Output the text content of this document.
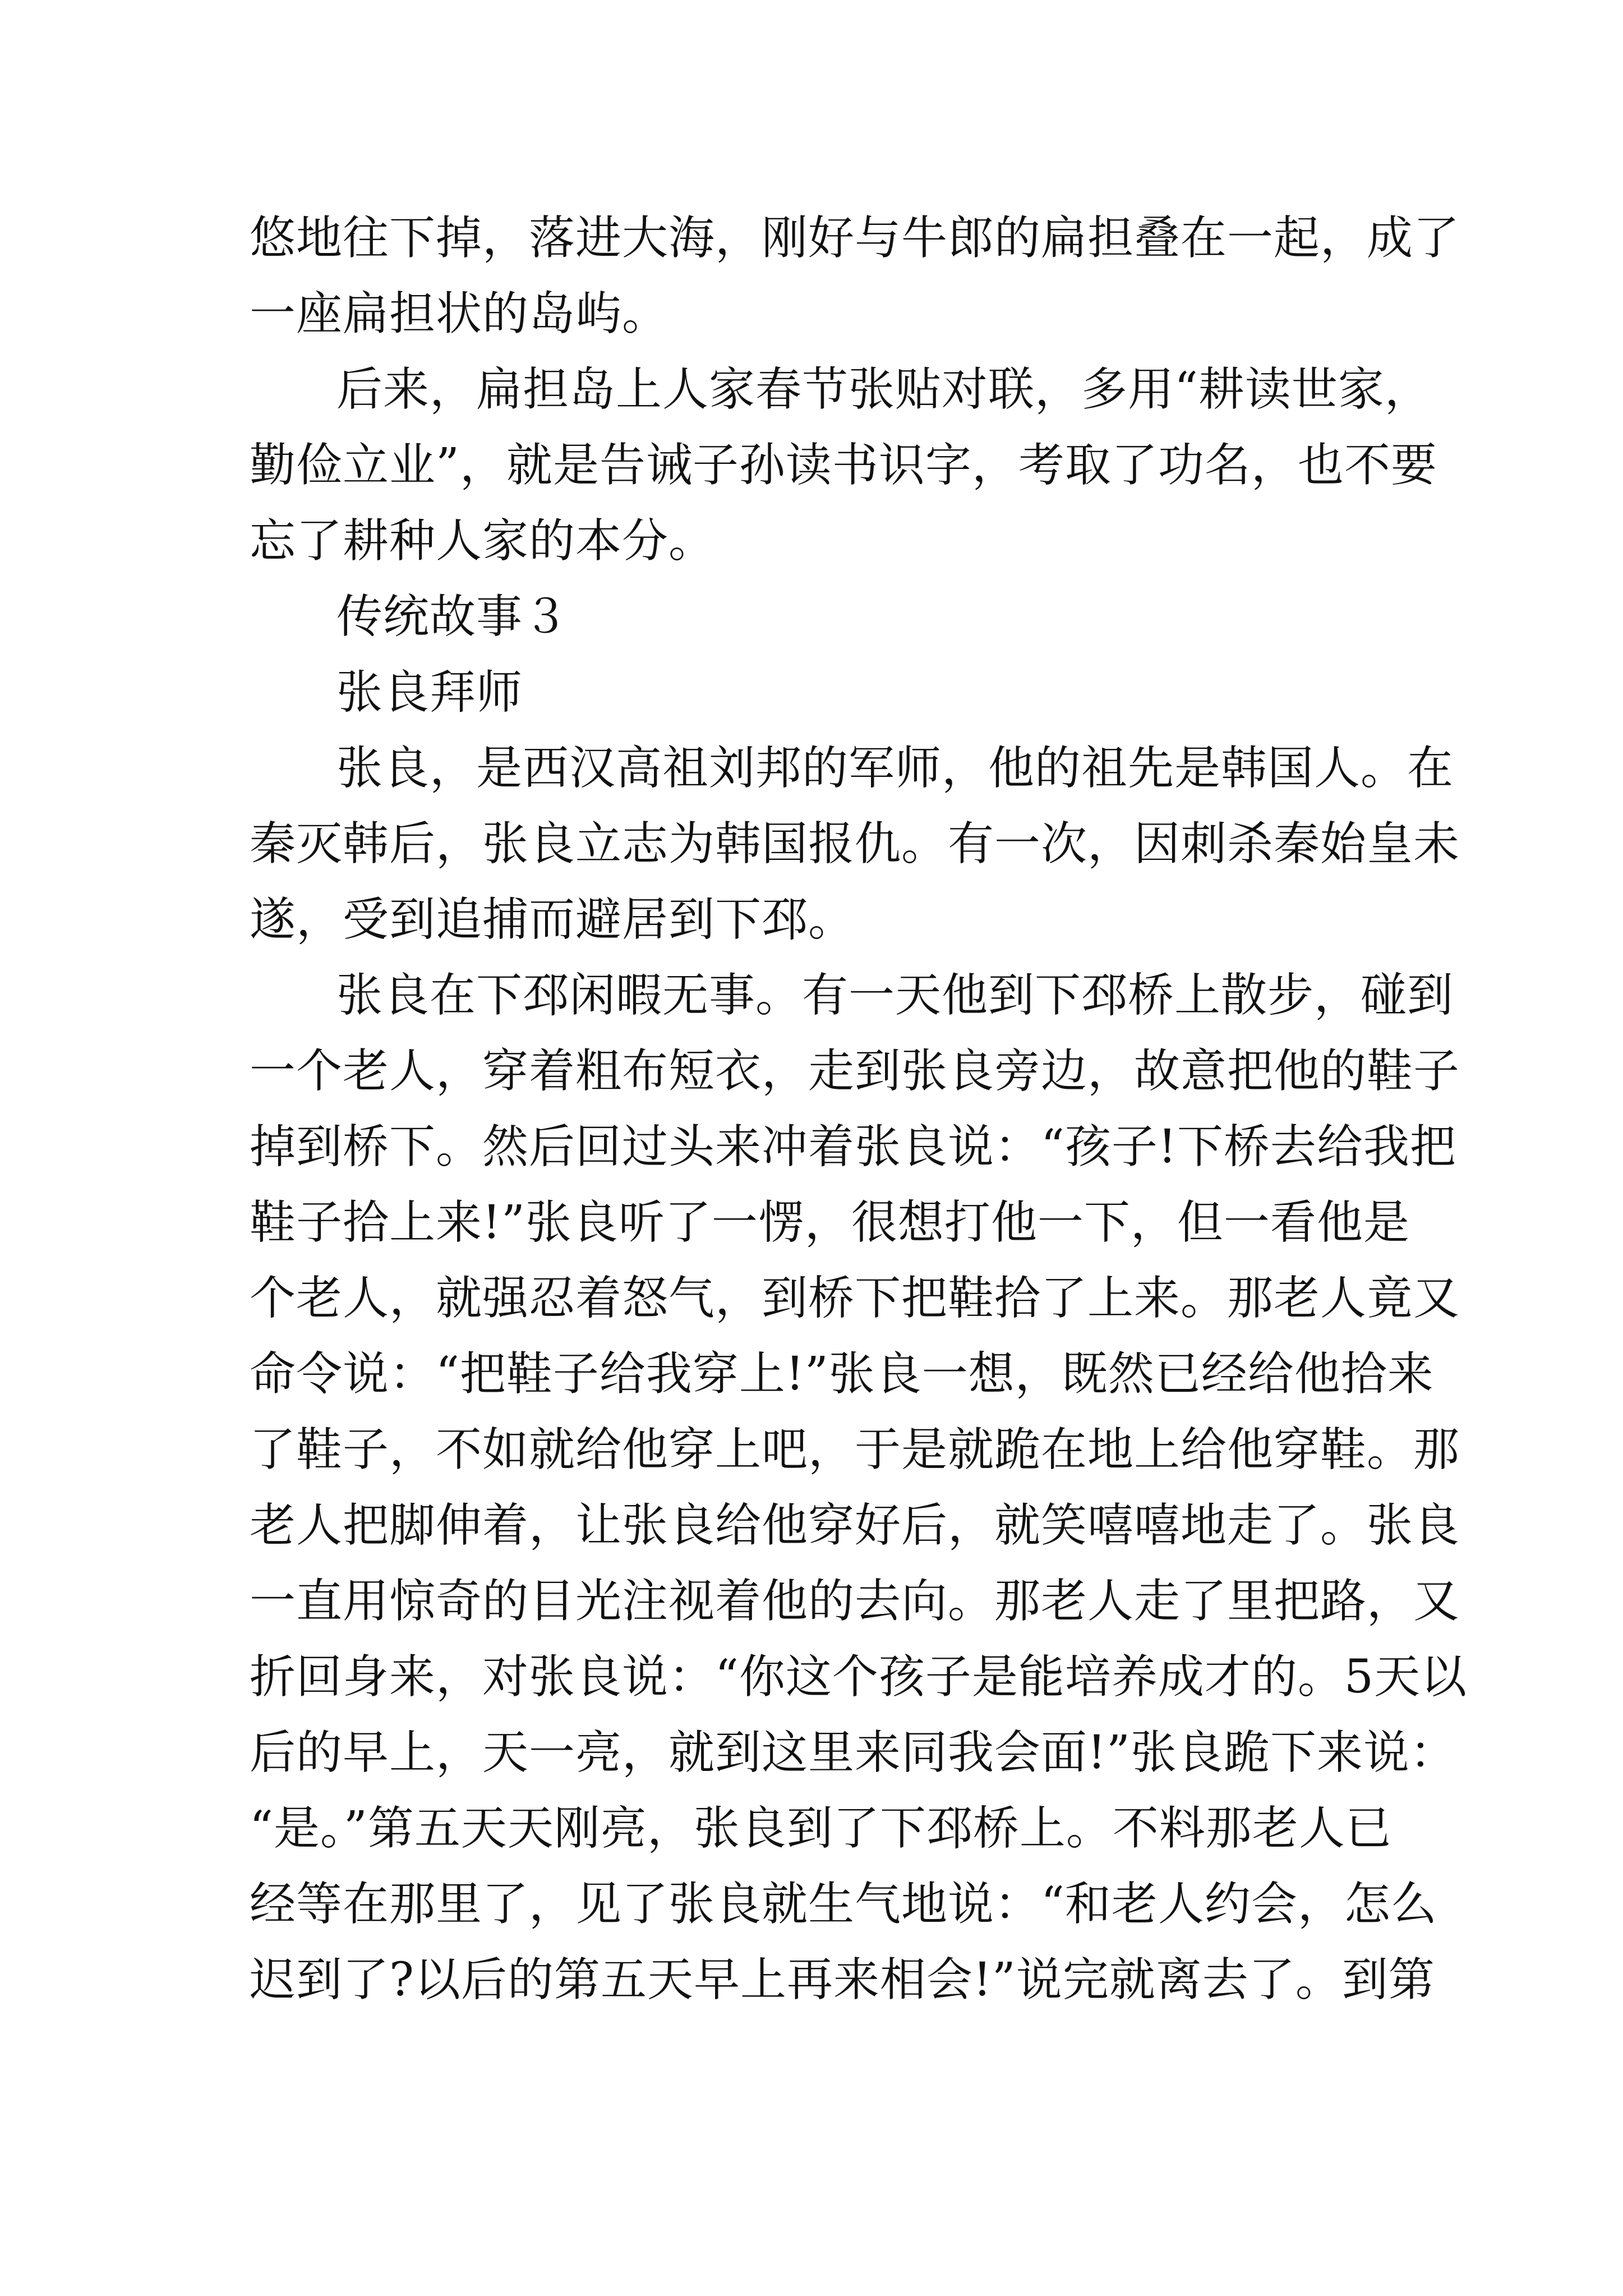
悠地往下掉，落进大海，刚好与牛郎的扁担叠在一起，成了
一座扁担状的岛屿。
后来，扁担岛上人家春节张贴对联，多用“耕读世家，
勤俭立业”，就是告诫子孙读书识字，考取了功名，也不要
忘了耕种人家的本分。
传统故事３
张良拜师
张良，是西汉高祖刘邦的军师，他的祖先是韩国人。在
秦灭韩后，张良立志为韩国报仇。有一次，因刺杀秦始皇未
遂，受到追捕而避居到下邳。
张良在下邳闲暇无事。有一天他到下邳桥上散步，碰到
一个老人，穿着粗布短衣，走到张良旁边，故意把他的鞋子
掉到桥下。然后回过头来冲着张良说：“孩子!下桥去给我把
鞋子拾上来!”张良听了一愣，很想打他一下，但一看他是
个老人，就强忍着怒气，到桥下把鞋拾了上来。那老人竟又
命令说：“把鞋子给我穿上!”张良一想，既然已经给他拾来
了鞋子，不如就给他穿上吧，于是就跪在地上给他穿鞋。那
老人把脚伸着，让张良给他穿好后，就笑嘻嘻地走了。张良
一直用惊奇的目光注视着他的去向。那老人走了里把路，又
折回身来，对张良说：“你这个孩子是能培养成才的。5天以
后的早上，天一亮，就到这里来同我会面!”张良跪下来说：
“是。”第五天天刚亮，张良到了下邳桥上。不料那老人已
经等在那里了，见了张良就生气地说：“和老人约会，怎么
迟到了?以后的第五天早上再来相会!”说完就离去了。到第
